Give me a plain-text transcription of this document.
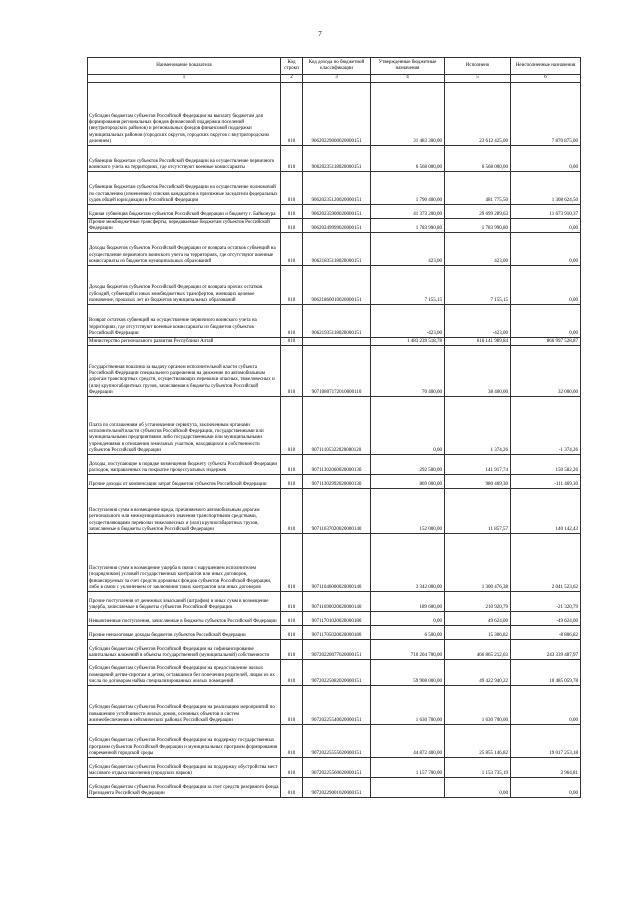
7
Наименование показателя	Код строки	Код дохода по бюджетной классификации	Утвержденные бюджетные назначения	Исполнено	Неисполненные назначения
1	2	3	4	5	6
Субсидии бюджетам субъектов Российской Федерации на выплату бюджетам для формирования региональных фондов финансовой поддержки поселений (внутригородских районов) и региональных фондов финансовой поддержки муниципальных районов (городских округов, городских округов с внутригородским делением)	010	90620229000020000151	31 483 300,00	23 612 425,00	7 870 875,00
Субвенции бюджетам субъектов Российской Федерации на осуществление первичного воинского учета на территориях, где отсутствуют военные комиссариаты	010	90620235118020000151	6 568 000,00	6 568 000,00	0,00
Субвенции бюджетам субъектов Российской Федерации на осуществление полномочий по составлению (изменению) списков кандидатов в присяжные заседатели федеральных судов общей юрисдикции в Российской Федерации	010	90620235120020000151	1 790 400,00	481 775,50	1 308 624,50
Единая субвенция бюджетам субъектов Российской Федерации и бюджету г. Байконура	010	90620235900020000151	41 373 200,00	29 699 289,63	11 673 910,37
Прочие межбюджетные трансферты, передаваемые бюджетам субъектов Российской Федерации	010	90620249999020000151	1 783 990,80	1 783 990,80	0,00
Доходы бюджетов субъектов Российской Федерации от возврата остатков субвенций на осуществление первичного воинского учета на территориях, где отсутствуют военные комиссариаты из бюджетов муниципальных образований	010	90621835118020000151	423,00	423,00	0,00
Доходы бюджетов субъектов Российской Федерации от возврата прочих остатков субсидий, субвенций и иных межбюджетных трансфертов, имеющих целевое назначение, прошлых лет из бюджетов муниципальных образований	010	90621860010020000151	7 155,15	7 155,15	0,00
Возврат остатков субвенций на осуществление первичного воинского учета на территориях, где отсутствуют военные комиссариаты из бюджетов субъектов Российской Федерации	010	90621935118020000151	-423,00	-423,00	0,00
Министерство регионального развития Республики Алтай	010		1 483 239 518,78	616 141 989,84	866 997 528,87
Государственная пошлина за выдачу органом исполнительной власти субъекта Российской Федерации специального разрешения на движение по автомобильным дорогам транспортных средств, осуществляющих перевозки опасных, тяжеловесных и (или) крупногабаритных грузов, зачисляемая в бюджеты субъектов Российской Федерации	010	90710807172010000110	70 400,00	38 400,00	32 000,00
Плата по соглашениям об установлении сервитута, заключенным органами исполнительной власти субъектов Российской Федерации, государственными или муниципальными предприятиями либо государственными или муниципальными учреждениями в отношении земельных участков, находящихся в собственности субъектов Российской Федерации	010	90711105322020000120	0,00	1 374,26	-1 374,26
Доходы, поступающие в порядке возмещения бюджету субъекта Российской Федерации расходов, направленных на покрытие процессуальных издержек	010	90711302060020000130	292 500,00	141 917,74	150 582,26
Прочие доходы от компенсации затрат бюджетов субъектов Российской Федерации	010	90711302992020000130	869 000,00	980 469,30	-111 469,30
Поступления сумм в возмещение вреда, причиняемого автомобильным дорогам регионального или межмуниципального значения транспортными средствами, осуществляющими перевозки тяжеловесных и (или) крупногабаритных грузов, зачисляемые в бюджеты субъектов Российской Федерации	010	90711637020020000140	152 000,00	11 857,57	140 142,43
Поступления сумм в возмещение ущерба в связи с нарушением исполнителем (подрядчиком) условий государственных контрактов или иных договоров, финансируемых за счет средств дорожных фондов субъектов Российской Федерации, либо в связи с уклонением от заключения таких контрактов или иных договоров	010	90711646000020000140	3 342 000,00	1 300 476,38	2 041 523,62
Прочие поступления от денежных взысканий (штрафов) и иных сумм в возмещение ущерба, зачисляемые в бюджеты субъектов Российской Федерации	010	90711690020020000140	189 600,00	210 920,79	-21 320,79
Невыясненные поступления, зачисляемые в бюджеты субъектов Российской Федерации	010	90711701020020000180	0,00	49 624,00	-49 624,00
Прочие неналоговые доходы бюджетов субъектов Российской Федерации	010	90711705020020000180	6 500,00	15 306,82	-8 806,82
Субсидии бюджетам субъектов Российской Федерации на софинансирование капитальных вложений в объекты государственной (муниципальной) собственности	010	90720220077020000151	710 204 700,00	466 865 212,03	243 339 487,97
Субсидии бюджетам субъектов Российской Федерации на предоставление жилых помещений детям-сиротам и детям, оставшимся без попечения родителей, лицам из их числа по договорам найма специализированных жилых помещений	010	90720225082020000151	59 908 000,00	49 422 940,22	10 485 059,78
Субсидии бюджетам субъектов Российской Федерации на реализацию мероприятий по повышению устойчивости жилых домов, основных объектов и систем жизнеобеспечения в сейсмических районах Российской Федерации	010	90720225540020000151	1 630 700,00	1 630 700,00	0,00
Субсидии бюджетам субъектов Российской Федерации на поддержку государственных программ субъектов Российской Федерации и муниципальных программ формирования современной городской среды	010	90720225555020000151	44 872 400,00	25 855 146,82	19 017 253,18
Субсидии бюджетам субъектов Российской Федерации на поддержку обустройства мест массового отдыха населения (городских парков)	010	90720225560020000151	1 157 700,00	1 153 735,19	3 964,81
Субсидии бюджетам субъектов Российской Федерации за счет средств резервного фонда Президента Российской Федерации	010	90720229001020000151		0,00	0,00
